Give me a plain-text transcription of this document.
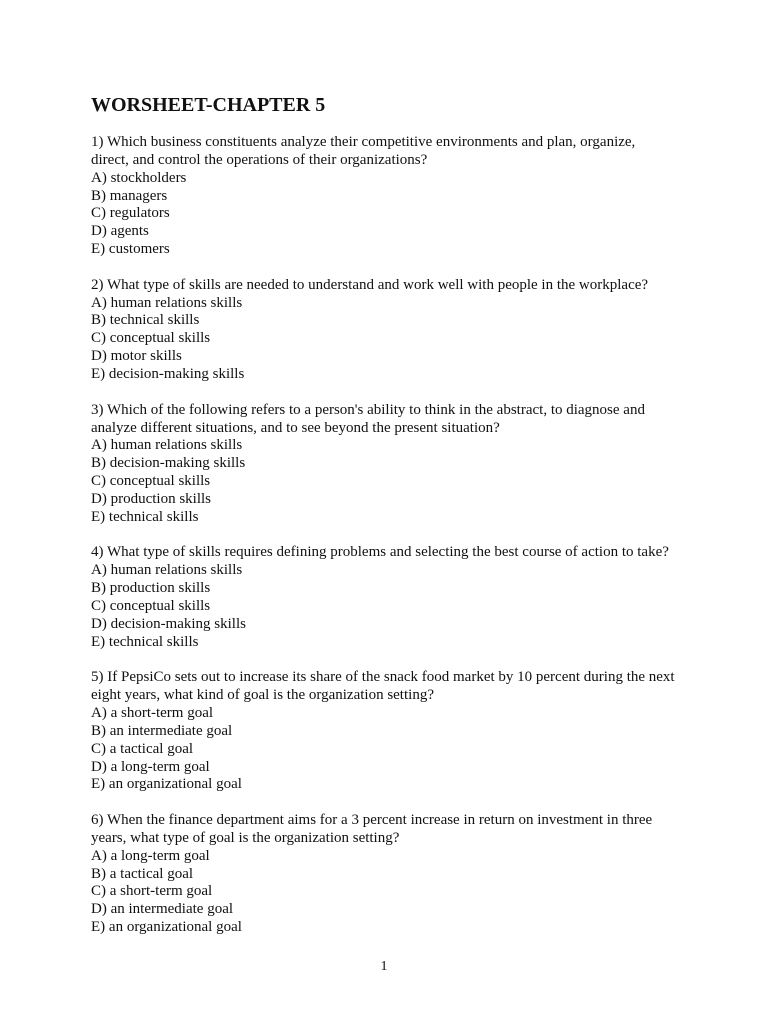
WORSHEET-CHAPTER 5
1) Which business constituents analyze their competitive environments and plan, organize,
direct, and control the operations of their organizations?
A) stockholders
B) managers
C) regulators
D) agents
E) customers
2) What type of skills are needed to understand and work well with people in the workplace?
A) human relations skills
B) technical skills
C) conceptual skills
D) motor skills
E) decision-making skills
3) Which of the following refers to a person's ability to think in the abstract, to diagnose and
analyze different situations, and to see beyond the present situation?
A) human relations skills
B) decision-making skills
C) conceptual skills
D) production skills
E) technical skills
4) What type of skills requires defining problems and selecting the best course of action to take?
A) human relations skills
B) production skills
C) conceptual skills
D) decision-making skills
E) technical skills
5) If PepsiCo sets out to increase its share of the snack food market by 10 percent during the next
eight years, what kind of goal is the organization setting?
A) a short-term goal
B) an intermediate goal
C) a tactical goal
D) a long-term goal
E) an organizational goal
6) When the finance department aims for a 3 percent increase in return on investment in three
years, what type of goal is the organization setting?
A) a long-term goal
B) a tactical goal
C) a short-term goal
D) an intermediate goal
E) an organizational goal
1
